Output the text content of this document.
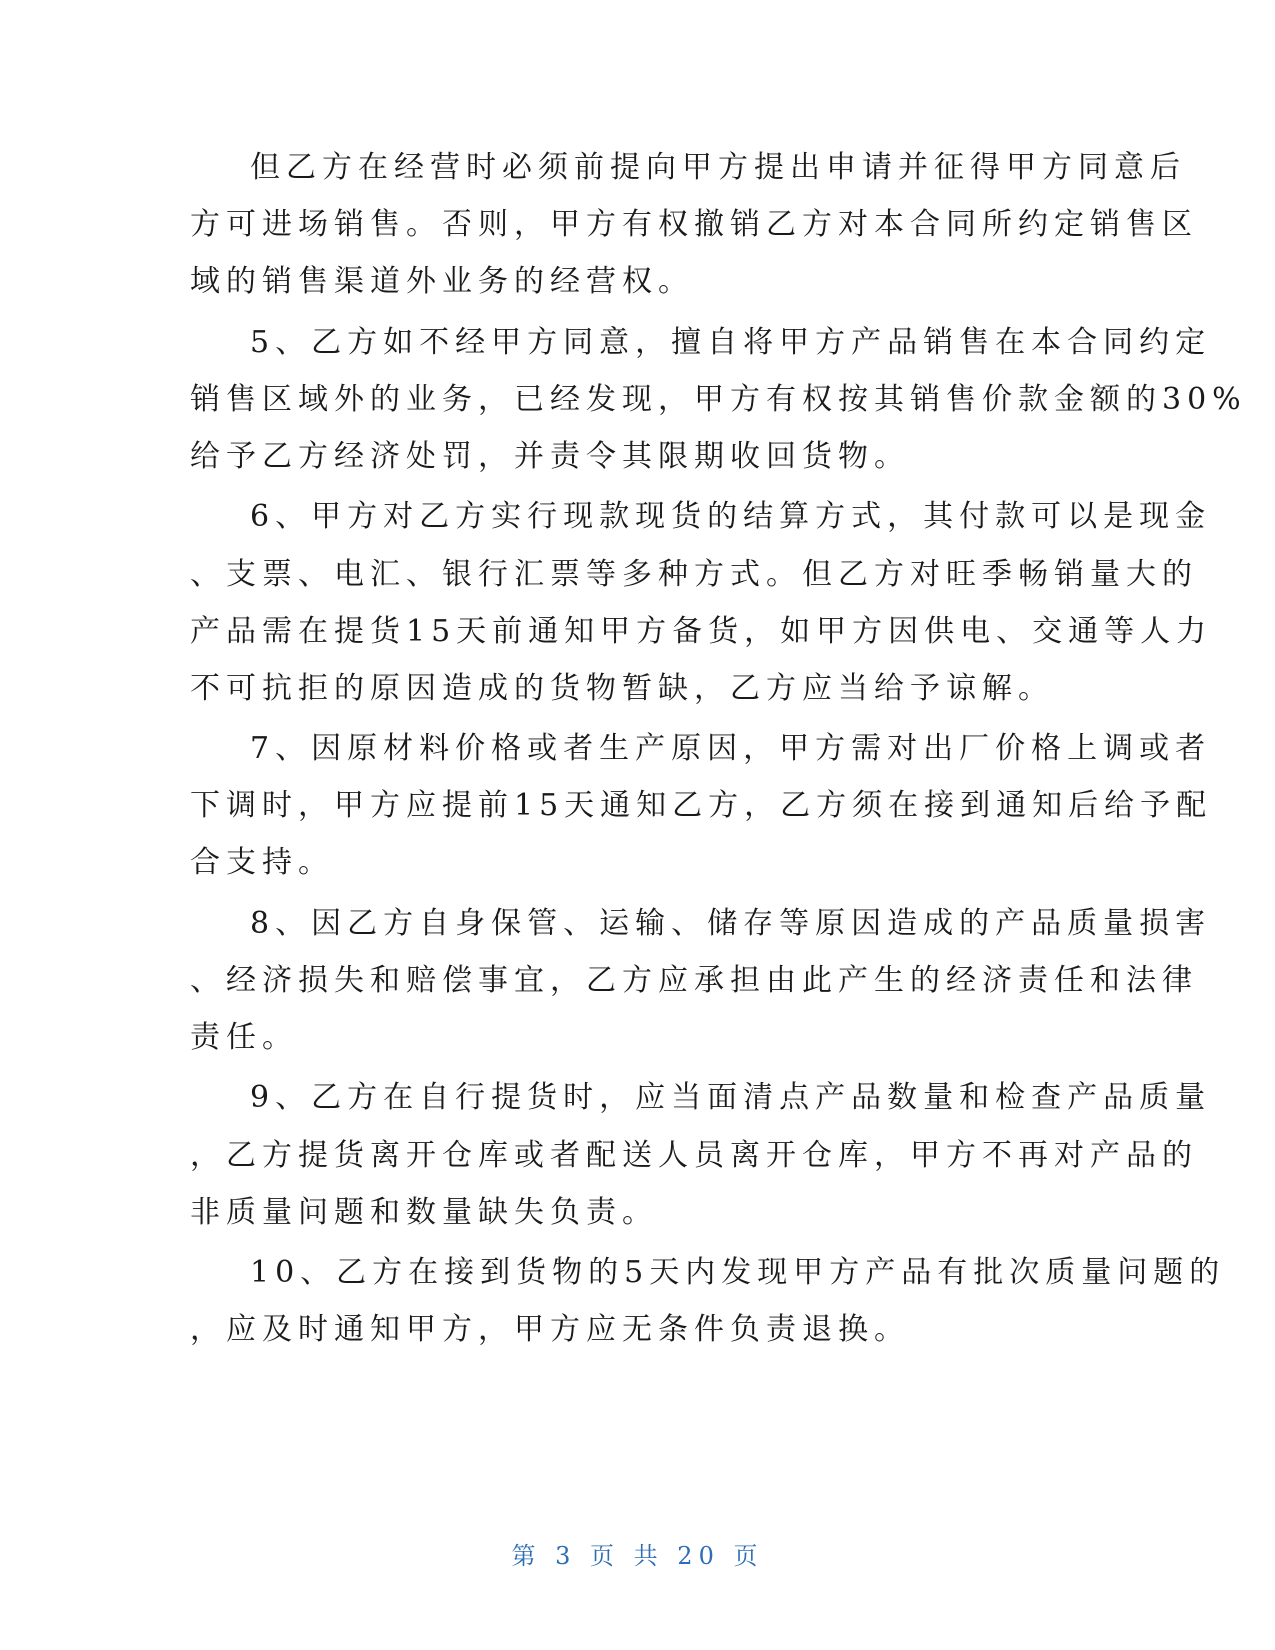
但乙方在经营时必须前提向甲方提出申请并征得甲方同意后
方可进场销售。否则，甲方有权撤销乙方对本合同所约定销售区
域的销售渠道外业务的经营权。
5、乙方如不经甲方同意，擅自将甲方产品销售在本合同约定
销售区域外的业务，已经发现，甲方有权按其销售价款金额的30%
给予乙方经济处罚，并责令其限期收回货物。
6、甲方对乙方实行现款现货的结算方式，其付款可以是现金
、支票、电汇、银行汇票等多种方式。但乙方对旺季畅销量大的
产品需在提货15天前通知甲方备货，如甲方因供电、交通等人力
不可抗拒的原因造成的货物暂缺，乙方应当给予谅解。
7、因原材料价格或者生产原因，甲方需对出厂价格上调或者
下调时，甲方应提前15天通知乙方，乙方须在接到通知后给予配
合支持。
8、因乙方自身保管、运输、储存等原因造成的产品质量损害
、经济损失和赔偿事宜，乙方应承担由此产生的经济责任和法律
责任。
9、乙方在自行提货时，应当面清点产品数量和检查产品质量
，乙方提货离开仓库或者配送人员离开仓库，甲方不再对产品的
非质量问题和数量缺失负责。
10、乙方在接到货物的5天内发现甲方产品有批次质量问题的
，应及时通知甲方，甲方应无条件负责退换。
第 3 页 共 20 页
